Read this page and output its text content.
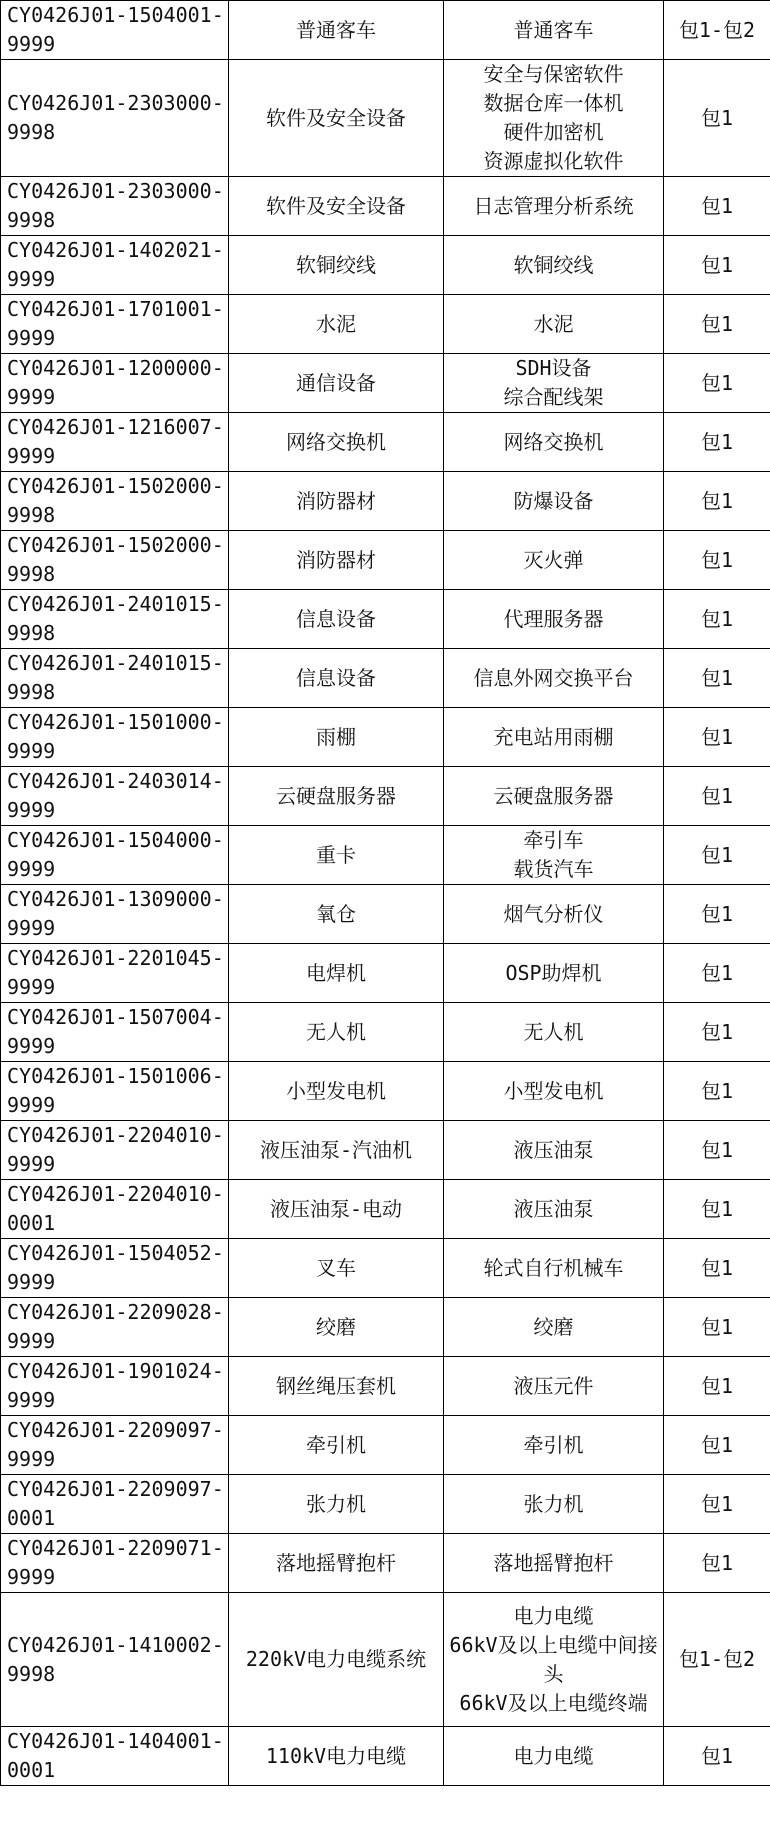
CY0426J01-1504001-9999	普通客车	普通客车	包1-包2
CY0426J01-2303000-9998	软件及安全设备	安全与保密软件
数据仓库一体机
硬件加密机
资源虚拟化软件	包1
CY0426J01-2303000-9998	软件及安全设备	日志管理分析系统	包1
CY0426J01-1402021-9999	软铜绞线	软铜绞线	包1
CY0426J01-1701001-9999	水泥	水泥	包1
CY0426J01-1200000-9999	通信设备	SDH设备
综合配线架	包1
CY0426J01-1216007-9999	网络交换机	网络交换机	包1
CY0426J01-1502000-9998	消防器材	防爆设备	包1
CY0426J01-1502000-9998	消防器材	灭火弹	包1
CY0426J01-2401015-9998	信息设备	代理服务器	包1
CY0426J01-2401015-9998	信息设备	信息外网交换平台	包1
CY0426J01-1501000-9999	雨棚	充电站用雨棚	包1
CY0426J01-2403014-9999	云硬盘服务器	云硬盘服务器	包1
CY0426J01-1504000-9999	重卡	牵引车
载货汽车	包1
CY0426J01-1309000-9999	氧仓	烟气分析仪	包1
CY0426J01-2201045-9999	电焊机	OSP助焊机	包1
CY0426J01-1507004-9999	无人机	无人机	包1
CY0426J01-1501006-9999	小型发电机	小型发电机	包1
CY0426J01-2204010-9999	液压油泵-汽油机	液压油泵	包1
CY0426J01-2204010-0001	液压油泵-电动	液压油泵	包1
CY0426J01-1504052-9999	叉车	轮式自行机械车	包1
CY0426J01-2209028-9999	绞磨	绞磨	包1
CY0426J01-1901024-9999	钢丝绳压套机	液压元件	包1
CY0426J01-2209097-9999	牵引机	牵引机	包1
CY0426J01-2209097-0001	张力机	张力机	包1
CY0426J01-2209071-9999	落地摇臂抱杆	落地摇臂抱杆	包1
CY0426J01-1410002-9998	220kV电力电缆系统	电力电缆
66kV及以上电缆中间接头
66kV及以上电缆终端	包1-包2
CY0426J01-1404001-0001	110kV电力电缆	电力电缆	包1
